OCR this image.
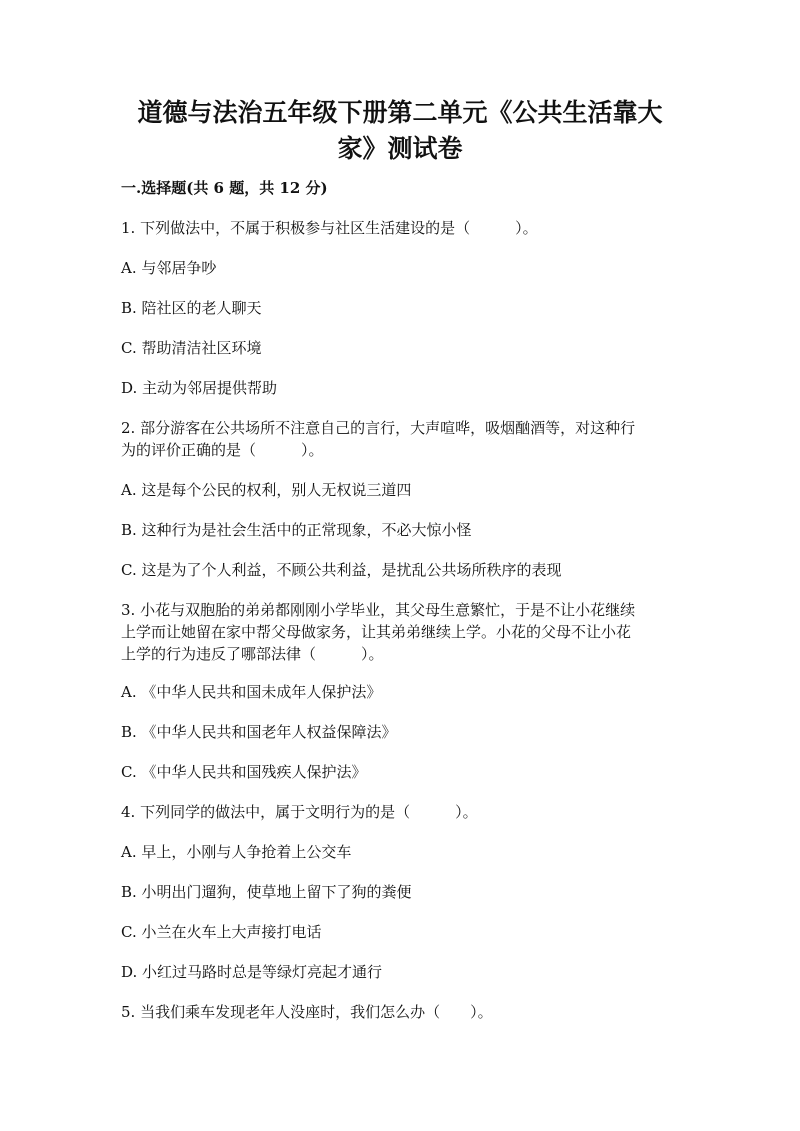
道德与法治五年级下册第二单元《公共生活靠大
家》测试卷
一.选择题(共 6 题，共 12 分)
1. 下列做法中，不属于积极参与社区生活建设的是（　　　）。
A. 与邻居争吵
B. 陪社区的老人聊天
C. 帮助清洁社区环境
D. 主动为邻居提供帮助
2. 部分游客在公共场所不注意自己的言行，大声喧哗，吸烟酗酒等，对这种行
为的评价正确的是（　　　）。
A. 这是每个公民的权利，别人无权说三道四
B. 这种行为是社会生活中的正常现象，不必大惊小怪
C. 这是为了个人利益，不顾公共利益，是扰乱公共场所秩序的表现
3. 小花与双胞胎的弟弟都刚刚小学毕业，其父母生意繁忙，于是不让小花继续
上学而让她留在家中帮父母做家务，让其弟弟继续上学。小花的父母不让小花
上学的行为违反了哪部法律（　　　）。
A. 《中华人民共和国未成年人保护法》
B. 《中华人民共和国老年人权益保障法》
C. 《中华人民共和国残疾人保护法》
4. 下列同学的做法中，属于文明行为的是（　　　）。
A. 早上，小刚与人争抢着上公交车
B. 小明出门遛狗，使草地上留下了狗的粪便
C. 小兰在火车上大声接打电话
D. 小红过马路时总是等绿灯亮起才通行
5. 当我们乘车发现老年人没座时，我们怎么办（　　）。
